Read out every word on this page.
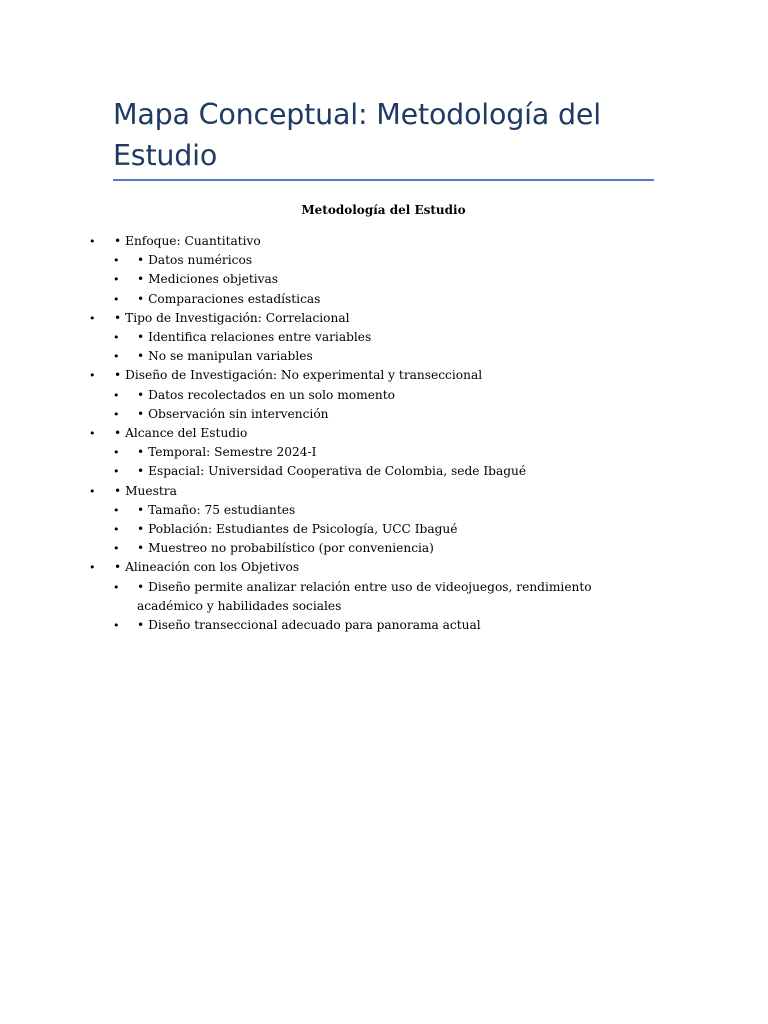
Mapa Conceptual: Metodología del Estudio
Metodología del Estudio
• • Enfoque: Cuantitativo
• • Datos numéricos
• • Mediciones objetivas
• • Comparaciones estadísticas
• • Tipo de Investigación: Correlacional
• • Identifica relaciones entre variables
• • No se manipulan variables
• • Diseño de Investigación: No experimental y transeccional
• • Datos recolectados en un solo momento
• • Observación sin intervención
• • Alcance del Estudio
• • Temporal: Semestre 2024-I
• • Espacial: Universidad Cooperativa de Colombia, sede Ibagué
• • Muestra
• • Tamaño: 75 estudiantes
• • Población: Estudiantes de Psicología, UCC Ibagué
• • Muestreo no probabilístico (por conveniencia)
• • Alineación con los Objetivos
• • Diseño permite analizar relación entre uso de videojuegos, rendimiento académico y habilidades sociales
• • Diseño transeccional adecuado para panorama actual
